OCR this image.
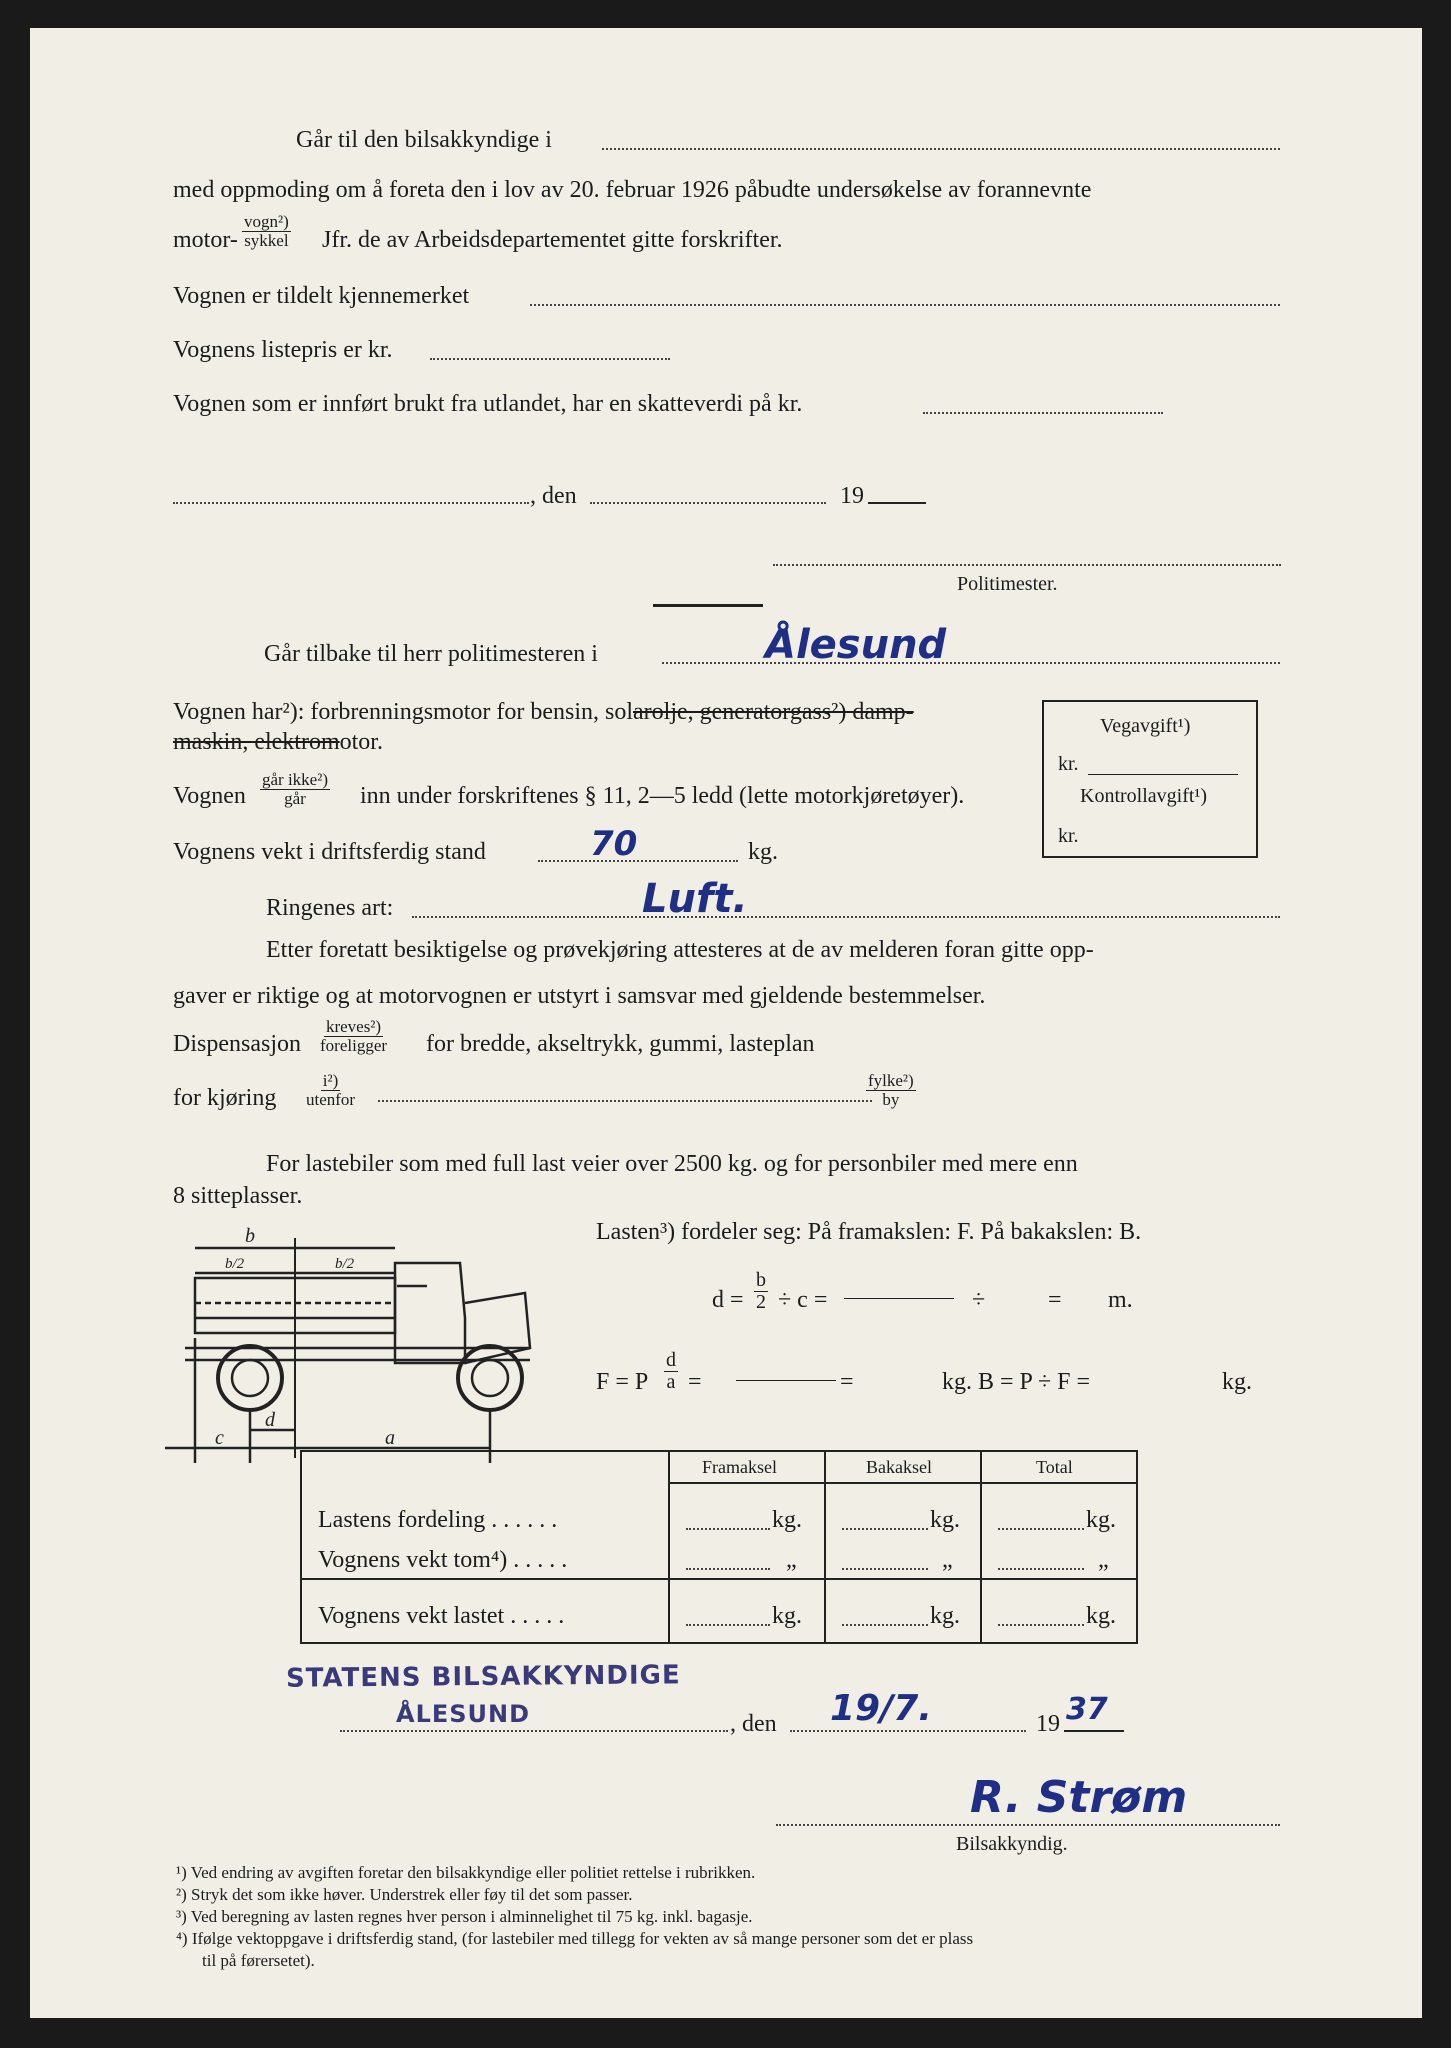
Går til den bilsakkyndige i
med oppmoding om å foreta den i lov av 20. februar 1926 påbudte undersøkelse av forannevnte
motor-
vogn²)
sykkel Jfr. de av Arbeidsdepartementet gitte forskrifter.
Vognen er tildelt kjennemerket
Vognens listepris er kr.
Vognen som er innført brukt fra utlandet, har en skatteverdi på kr.
, den	19
Politimester.
Går tilbake til herr politimesteren i	Ålesund
Vognen har²): forbrenningsmotor for bensin, solarolje, generatorgass²) damp-
maskin, elektromotor.
Vegavgift¹)
kr.
Kontrollavgift¹)
kr.
Vognen
går ikke²)
går inn under forskriftenes § 11, 2—5 ledd (lette motorkjøretøyer).
Vognens vekt i driftsferdig stand	70	kg.
Ringenes art:	Luft.
Etter foretatt besiktigelse og prøvekjøring attesteres at de av melderen foran gitte opp-
gaver er riktige og at motorvognen er utstyrt i samsvar med gjeldende bestemmelser.
Dispensasjon
kreves²)
foreligger for bredde, akseltrykk, gummi, lasteplan
for kjøring
i²)
utenfor
fylke²)
by
For lastebiler som med full last veier over 2500 kg. og for personbiler med mere enn
8 sitteplasser.
b
b/2	b/2
c
d
a
Lasten³) fordeler seg: På framakslen: F. På bakakslen: B.
$d = \frac{b}{2} \div c$ =	÷	= m.
F = P $\frac{d}{a}$ =	=	kg. B = P ÷ F =	kg.
Framaksel	Bakaksel	Total
Lastens fordeling . . . . . .	kg.	kg.	kg.
Vognens vekt tom⁴) . . . . .	„	„	„
Vognens vekt lastet . . . . .	kg.	kg.	kg.
STATENS BILSAKKYNDIGE
ÅLESUND	, den 19/7.	19 37
R. Strøm
Bilsakkyndig.
¹) Ved endring av avgiften foretar den bilsakkyndige eller politiet rettelse i rubrikken.
²) Stryk det som ikke høver. Understrek eller føy til det som passer.
³) Ved beregning av lasten regnes hver person i alminnelighet til 75 kg. inkl. bagasje.
⁴) Ifølge vektoppgave i driftsferdig stand, (for lastebiler med tillegg for vekten av så mange personer som det er plass
til på førersetet).
